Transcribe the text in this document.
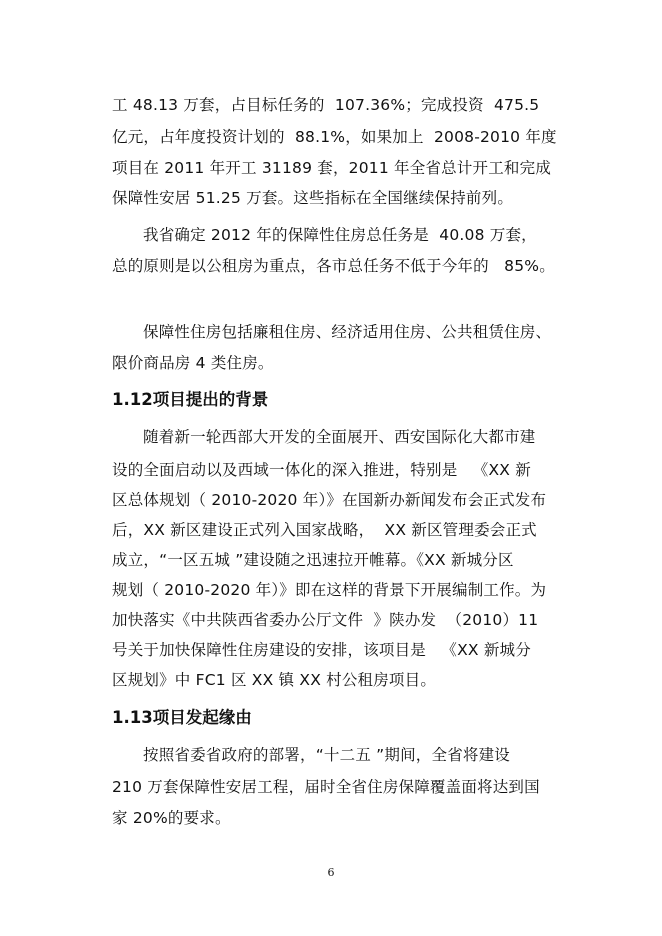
工 48.13 万套，占目标任务的  107.36%；完成投资  475.5
亿元，占年度投资计划的  88.1%，如果加上  2008-2010 年度
项目在 2011 年开工 31189 套，2011 年全省总计开工和完成
保障性安居 51.25 万套。这些指标在全国继续保持前列。
我省确定 2012 年的保障性住房总任务是  40.08 万套，
总的原则是以公租房为重点，各市总任务不低于今年的   85%。
保障性住房包括廉租住房、经济适用住房、公共租赁住房、
限价商品房 4 类住房。
1.12项目提出的背景
随着新一轮西部大开发的全面展开、西安国际化大都市建
设的全面启动以及西域一体化的深入推进，特别是   《XX 新
区总体规划（ 2010-2020 年）》在国新办新闻发布会正式发布
后，XX 新区建设正式列入国家战略，  XX 新区管理委会正式
成立，“一区五城 ”建设随之迅速拉开帷幕。《XX 新城分区
规划（ 2010-2020 年）》即在这样的背景下开展编制工作。为
加快落实《中共陕西省委办公厅文件  》陕办发  （2010）11
号关于加快保障性住房建设的安排，该项目是   《XX 新城分
区规划》中 FC1 区 XX 镇 XX 村公租房项目。
1.13项目发起缘由
按照省委省政府的部署，“十二五 ”期间，全省将建设
210 万套保障性安居工程，届时全省住房保障覆盖面将达到国
家 20%的要求。
6
